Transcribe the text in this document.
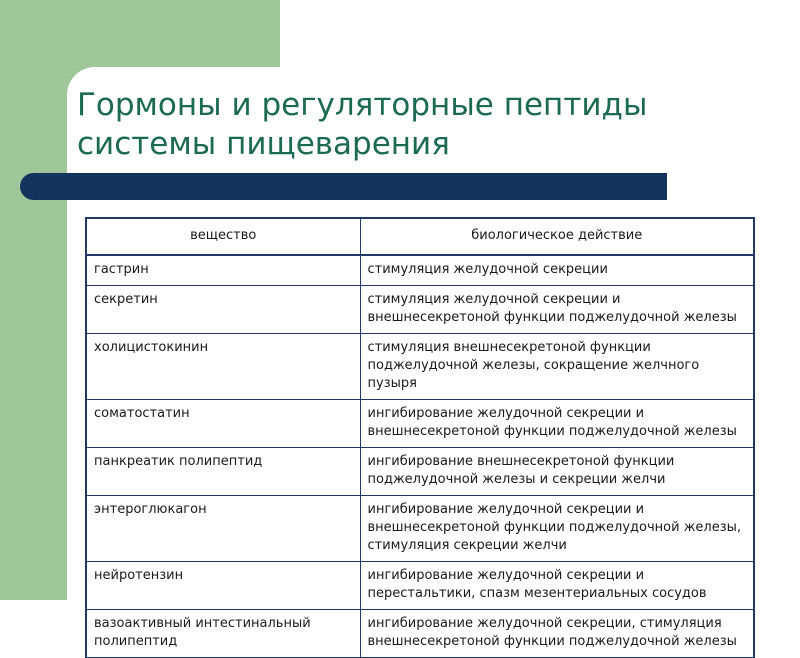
Гормоны и регуляторные пептиды
системы пищеварения
вещество	биологическое действие
гастрин	стимуляция желудочной секреции
секретин	стимуляция желудочной секреции и внешнесекретоной функции поджелудочной железы
холицистокинин	стимуляция внешнесекретоной функции поджелудочной железы, сокращение желчного пузыря
соматостатин	ингибирование желудочной секреции и внешнесекретоной функции поджелудочной железы
панкреатик полипептид	ингибирование внешнесекретоной функции поджелудочной железы и секреции желчи
энтероглюкагон	ингибирование желудочной секреции и внешнесекретоной функции поджелудочной железы, стимуляция секреции желчи
нейротензин	ингибирование желудочной секреции и перестальтики, спазм мезентериальных сосудов
вазоактивный интестинальный полипептид	ингибирование желудочной секреции, стимуляция внешнесекретоной функции поджелудочной железы
